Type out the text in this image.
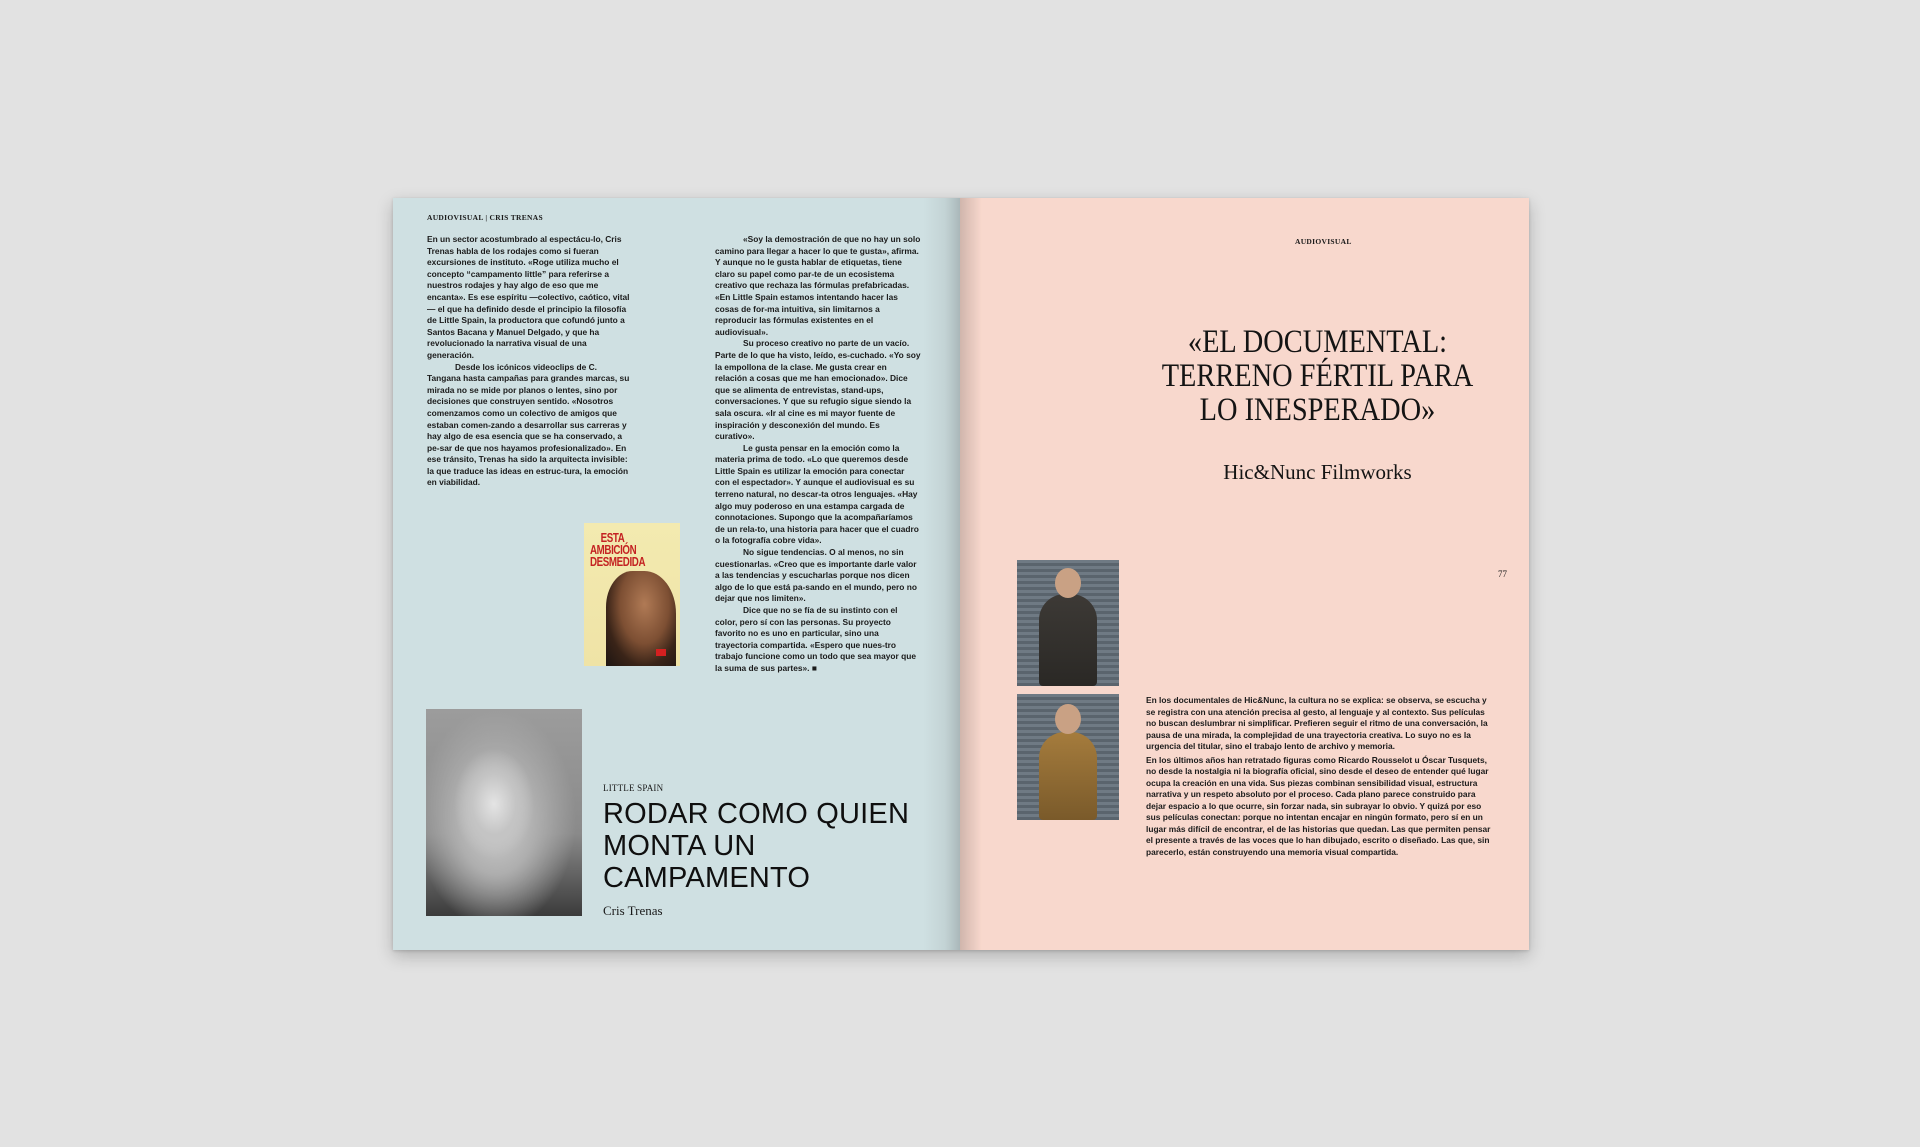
AUDIOVISUAL | CRIS TRENAS

En un sector acostumbrado al espectácu-lo, Cris Trenas habla de los rodajes como si fueran excursiones de instituto. «Roge utiliza mucho el concepto “campamento little” para referirse a nuestros rodajes y hay algo de eso que me encanta». Es ese espíritu —colectivo, caótico, vital— el que ha definido desde el principio la filosofía de Little Spain, la productora que cofundó junto a Santos Bacana y Manuel Delgado, y que ha revolucionado la narrativa visual de una generación.

Desde los icónicos videoclips de C. Tangana hasta campañas para grandes marcas, su mirada no se mide por planos o lentes, sino por decisiones que construyen sentido. «Nosotros comenzamos como un colectivo de amigos que estaban comen-zando a desarrollar sus carreras y hay algo de esa esencia que se ha conservado, a pe-sar de que nos hayamos profesionalizado». En ese tránsito, Trenas ha sido la arquitecta invisible: la que traduce las ideas en estruc-tura, la emoción en viabilidad.

«Soy la demostración de que no hay un solo camino para llegar a hacer lo que te gusta», afirma. Y aunque no le gusta hablar de etiquetas, tiene claro su papel como par-te de un ecosistema creativo que rechaza las fórmulas prefabricadas. «En Little Spain estamos intentando hacer las cosas de for-ma intuitiva, sin limitarnos a reproducir las fórmulas existentes en el audiovisual».

Su proceso creativo no parte de un vacío. Parte de lo que ha visto, leído, es-cuchado. «Yo soy la empollona de la clase. Me gusta crear en relación a cosas que me han emocionado». Dice que se alimenta de entrevistas, stand-ups, conversaciones. Y que su refugio sigue siendo la sala oscura. «Ir al cine es mi mayor fuente de inspiración y desconexión del mundo. Es curativo».

Le gusta pensar en la emoción como la materia prima de todo. «Lo que queremos desde Little Spain es utilizar la emoción para conectar con el espectador». Y aunque el audiovisual es su terreno natural, no descar-ta otros lenguajes. «Hay algo muy poderoso en una estampa cargada de connotaciones. Supongo que la acompañaríamos de un rela-to, una historia para hacer que el cuadro o la fotografía cobre vida».

No sigue tendencias. O al menos, no sin cuestionarlas. «Creo que es importante darle valor a las tendencias y escucharlas porque nos dicen algo de lo que está pa-sando en el mundo, pero no dejar que nos limiten».

Dice que no se fía de su instinto con el color, pero sí con las personas. Su proyecto favorito no es uno en particular, sino una trayectoria compartida. «Espero que nues-tro trabajo funcione como un todo que sea mayor que la suma de sus partes». ■

ESTA AMBICIÓN DESMEDIDA
LITTLE SPAIN
RODAR COMO QUIEN MONTA UN CAMPAMENTO
Cris Trenas
AUDIOVISUAL
«EL DOCUMENTAL: TERRENO FÉRTIL PARA LO INESPERADO»
Hic&Nunc Filmworks
77

En los documentales de Hic&Nunc, la cultura no se explica: se observa, se escucha y se registra con una atención precisa al gesto, al lenguaje y al contexto. Sus películas no buscan deslumbrar ni simplificar. Prefieren seguir el ritmo de una conversación, la pausa de una mirada, la complejidad de una trayectoria creativa. Lo suyo no es la urgencia del titular, sino el trabajo lento de archivo y memoria.

En los últimos años han retratado figuras como Ricardo Rousselot u Óscar Tusquets, no desde la nostalgia ni la biografía oficial, sino desde el deseo de entender qué lugar ocupa la creación en una vida. Sus piezas combinan sensibilidad visual, estructura narrativa y un respeto absoluto por el proceso. Cada plano parece construido para dejar espacio a lo que ocurre, sin forzar nada, sin subrayar lo obvio. Y quizá por eso sus películas conectan: porque no intentan encajar en ningún formato, pero sí en un lugar más difícil de encontrar, el de las historias que quedan. Las que permiten pensar el presente a través de las voces que lo han dibujado, escrito o diseñado. Las que, sin parecerlo, están construyendo una memoria visual compartida.
